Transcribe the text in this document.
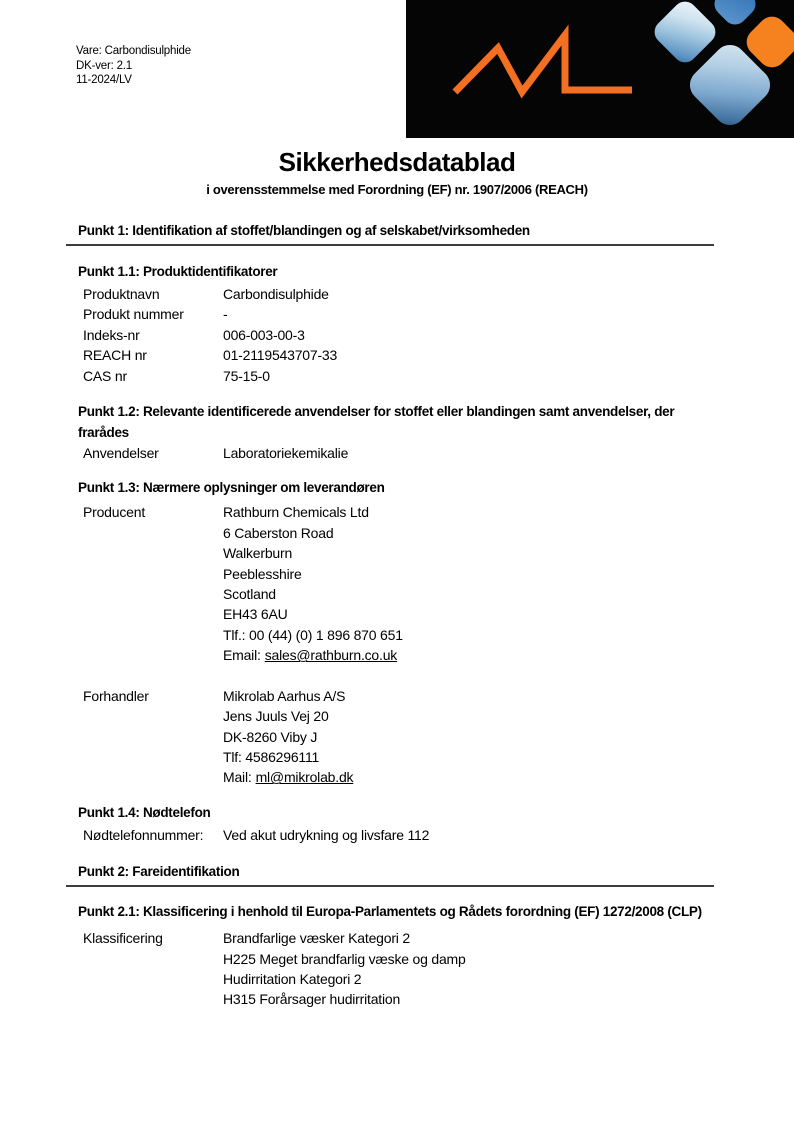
Vare: Carbondisulphide
DK-ver: 2.1
11-2024/LV
Sikkerhedsdatablad
i overensstemmelse med Forordning (EF) nr. 1907/2006 (REACH)
Punkt 1: Identifikation af stoffet/blandingen og af selskabet/virksomheden
Punkt 1.1: Produktidentifikatorer
Produktnavn	Carbondisulphide
Produkt nummer	-
Indeks-nr	006-003-00-3
REACH nr	01-2119543707-33
CAS nr	75-15-0
Punkt 1.2: Relevante identificerede anvendelser for stoffet eller blandingen samt anvendelser, der
frarådes
Anvendelser	Laboratoriekemikalie
Punkt 1.3: Nærmere oplysninger om leverandøren
Producent	Rathburn Chemicals Ltd
6 Caberston Road
Walkerburn
Peeblesshire
Scotland
EH43 6AU
Tlf.: 00 (44) (0) 1 896 870 651
Email: sales@rathburn.co.uk
Forhandler	Mikrolab Aarhus A/S
Jens Juuls Vej 20
DK-8260 Viby J
Tlf: 4586296111
Mail: ml@mikrolab.dk
Punkt 1.4: Nødtelefon
Nødtelefonnummer:	Ved akut udrykning og livsfare 112
Punkt 2: Fareidentifikation
Punkt 2.1: Klassificering i henhold til Europa-Parlamentets og Rådets forordning (EF) 1272/2008 (CLP)
Klassificering	Brandfarlige væsker Kategori 2
H225 Meget brandfarlig væske og damp
Hudirritation Kategori 2
H315 Forårsager hudirritation
